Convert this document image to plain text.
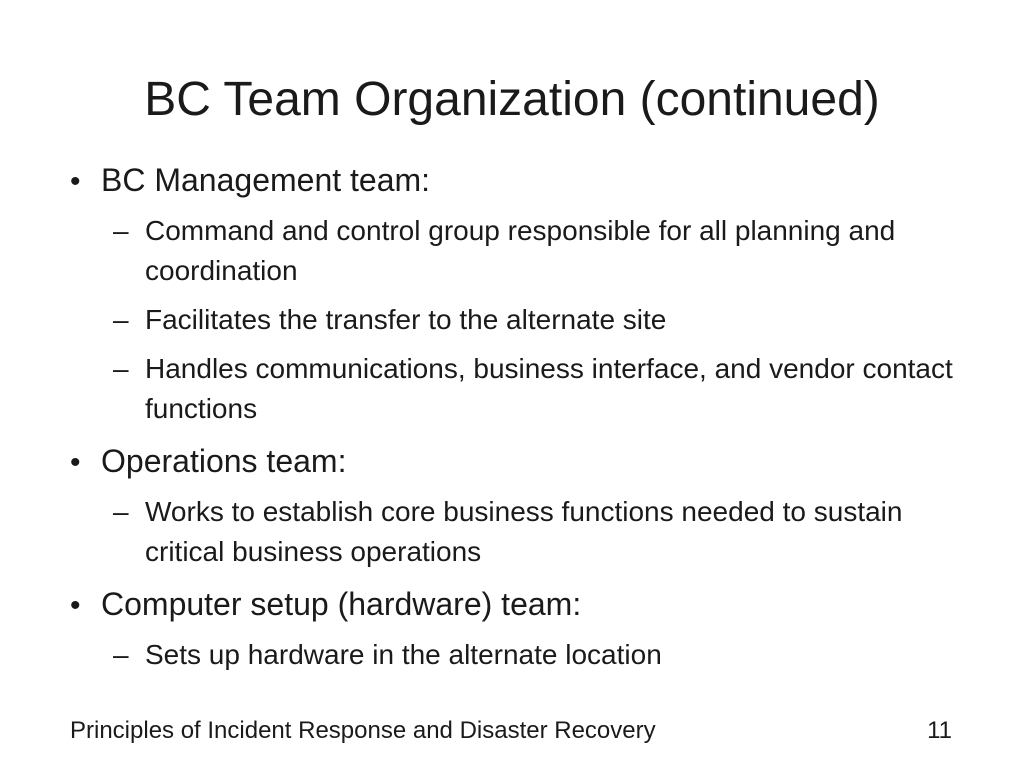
BC Team Organization (continued)
• BC Management team:
– Command and control group responsible for all planning and coordination
– Facilitates the transfer to the alternate site
– Handles communications, business interface, and vendor contact functions
• Operations team:
– Works to establish core business functions needed to sustain critical business operations
• Computer setup (hardware) team:
– Sets up hardware in the alternate location
Principles of Incident Response and Disaster Recovery	11
